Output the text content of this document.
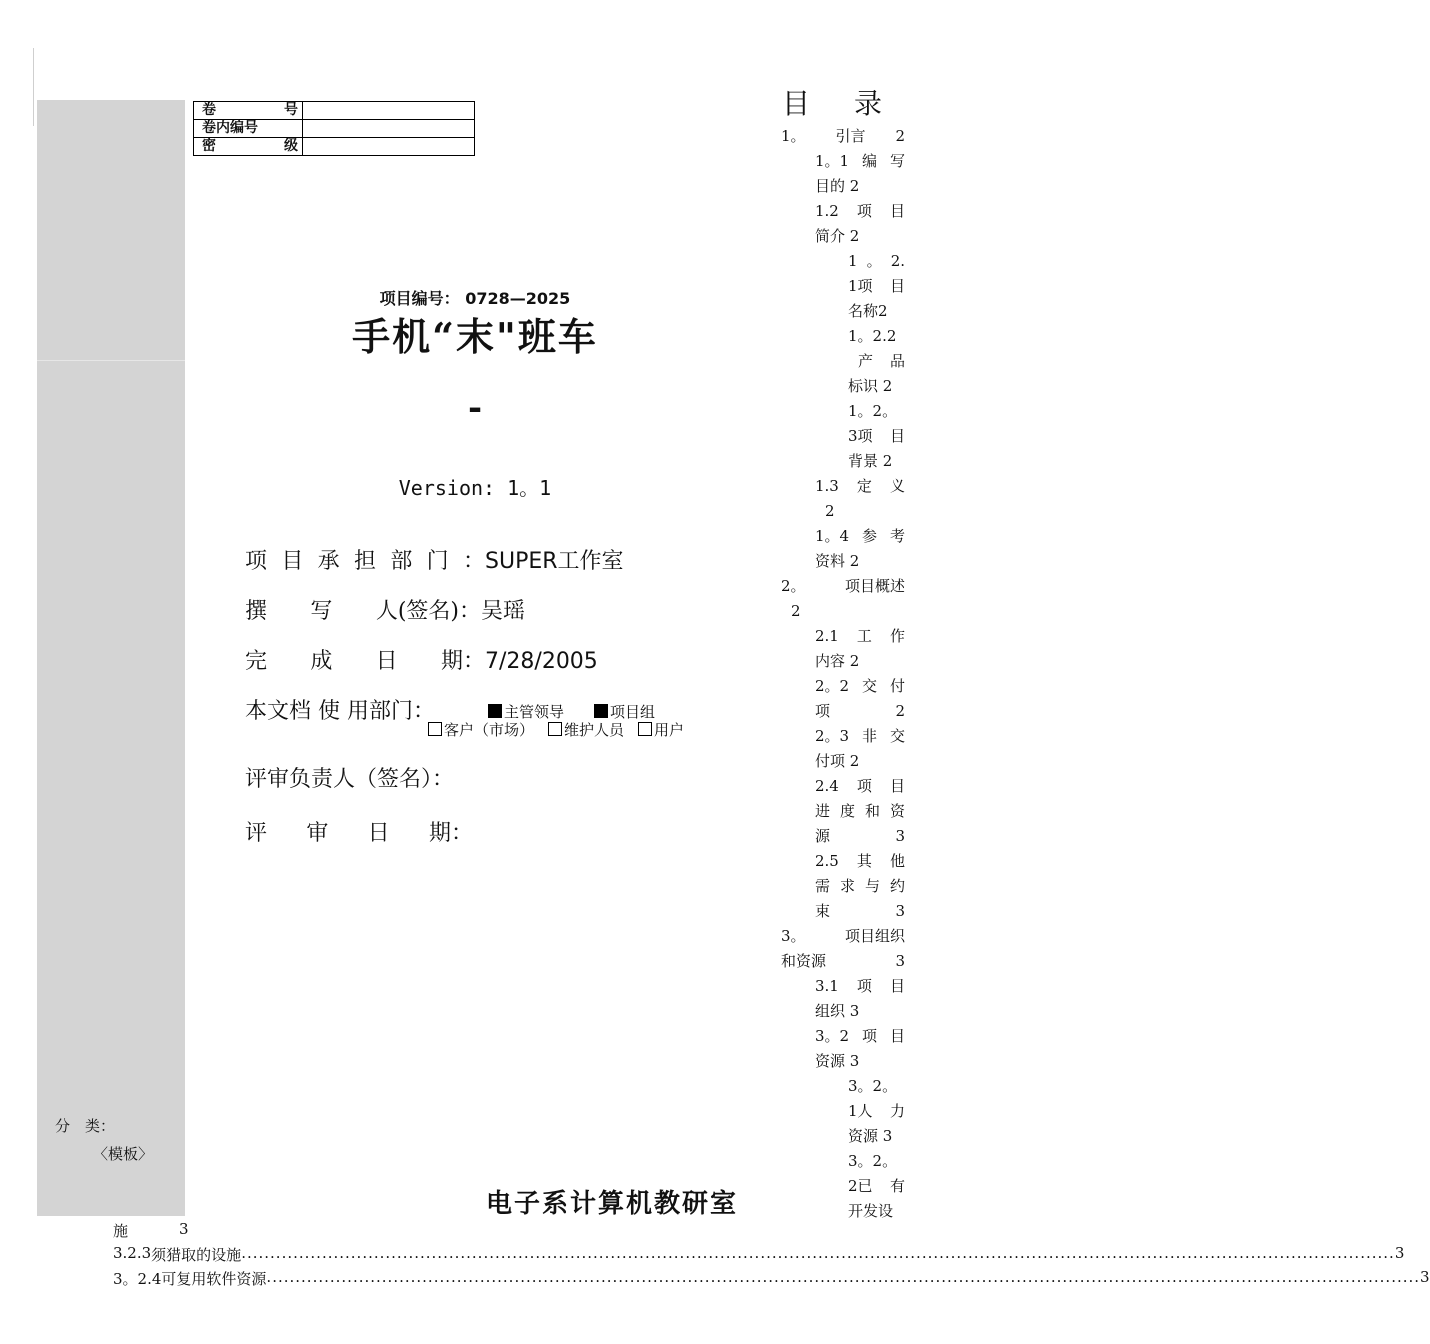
卷 号	

卷内编号	

密 级	

项目编号： 0728—2025
手机“末"班车
-
Version: 1。1
项 目 承 担 部 门 ： SUPER工作室
撰 写 人(签名)： 吴瑶
完 成 日 期： 7/28/2005
本文档 使 用部门：	主管领导	项目组
客户（市场）	维护人员	用户
评审负责人（签名）：
评 审 日 期：
分　类：
〈模板〉
电子系计算机教研室
目 录
1。 引言 2
1。1 编 写
目的 2
1.2 项 目
简介 2
1 。 2.
1项 目
名称2
1。2.2
产 品
标识 2
1。2。
3项 目
背景 2
1.3 定 义
2
1。4 参 考
资料 2
2。	项目概述
2
2.1 工 作
内容 2
2。2 交 付
项	2
2。3 非 交
付项 2
2.4 项 目
进 度 和 资
源	3
2.5 其 他
需 求 与 约
束	3
3。	项目组织
和资源	3
3.1 项 目
组织 3
3。2 项 目
资源 3
3。2。
1人 力
资源 3
3。2。
2已 有
开发设
施	3
3.2.3 须猎取的设施 ........................................................................................................................................................................................................ 3
3。2.4 可复用软件资源 ........................................................................................................................................................................................................ 3
